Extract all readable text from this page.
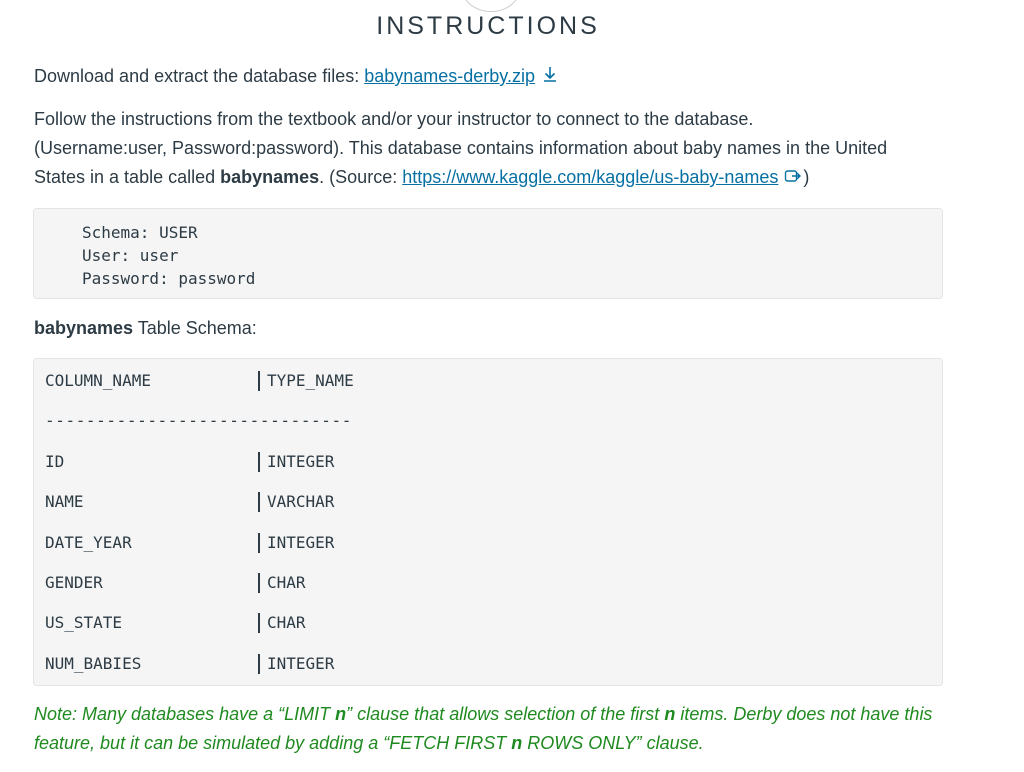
INSTRUCTIONS

Download and extract the database files: babynames-derby.zip

Follow the instructions from the textbook and/or your instructor to connect to the database.
(Username:user, Password:password). This database contains information about baby names in the United
States in a table called babynames. (Source: https://www.kaggle.com/kaggle/us-baby-names )

Schema: USER
User: user
Password: password

babynames Table Schema:

COLUMN_NAME	TYPE_NAME
------------------------------
ID	INTEGER
NAME	VARCHAR
DATE_YEAR	INTEGER
GENDER	CHAR
US_STATE	CHAR
NUM_BABIES	INTEGER
Note: Many databases have a “LIMIT n” clause that allows selection of the first n items. Derby does not have this feature, but it can be simulated by adding a “FETCH FIRST n ROWS ONLY” clause.
